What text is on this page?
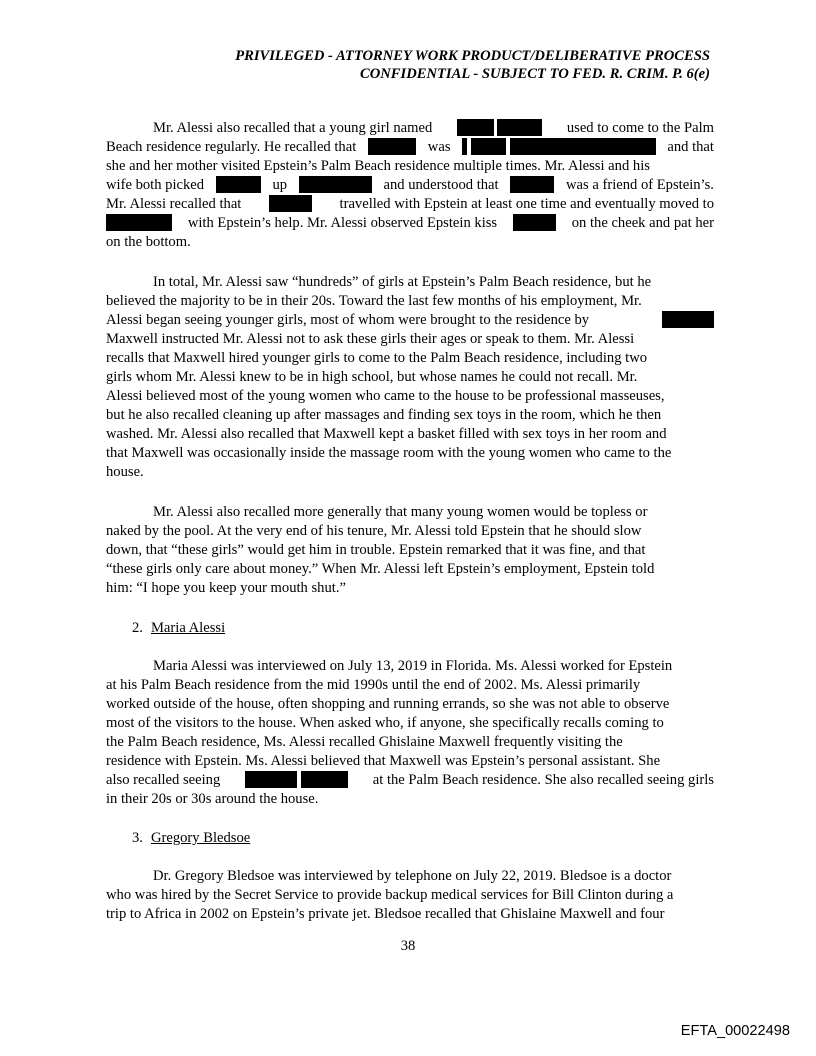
PRIVILEGED - ATTORNEY WORK PRODUCT/DELIBERATIVE PROCESS
CONFIDENTIAL - SUBJECT TO FED. R. CRIM. P. 6(e)
Mr. Alessi also recalled that a young girl named
	used to come to the Palm
Beach residence regularly. He recalled that	was
	and that
she and her mother visited Epstein’s Palm Beach residence multiple times. Mr. Alessi and his
wife both picked	up	and understood that	was a friend of Epstein’s.
Mr. Alessi recalled that	travelled with Epstein at least one time and eventually moved to
with Epstein’s help. Mr. Alessi observed Epstein kiss	on the cheek and pat her
on the bottom.
In total, Mr. Alessi saw “hundreds” of girls at Epstein’s Palm Beach residence, but he
believed the majority to be in their 20s. Toward the last few months of his employment, Mr.
Alessi began seeing younger girls, most of whom were brought to the residence by
Maxwell instructed Mr. Alessi not to ask these girls their ages or speak to them. Mr. Alessi
recalls that Maxwell hired younger girls to come to the Palm Beach residence, including two
girls whom Mr. Alessi knew to be in high school, but whose names he could not recall. Mr.
Alessi believed most of the young women who came to the house to be professional masseuses,
but he also recalled cleaning up after massages and finding sex toys in the room, which he then
washed. Mr. Alessi also recalled that Maxwell kept a basket filled with sex toys in her room and
that Maxwell was occasionally inside the massage room with the young women who came to the
house.
Mr. Alessi also recalled more generally that many young women would be topless or
naked by the pool. At the very end of his tenure, Mr. Alessi told Epstein that he should slow
down, that “these girls” would get him in trouble. Epstein remarked that it was fine, and that
“these girls only care about money.” When Mr. Alessi left Epstein’s employment, Epstein told
him: “I hope you keep your mouth shut.”
2. Maria Alessi
Maria Alessi was interviewed on July 13, 2019 in Florida. Ms. Alessi worked for Epstein
at his Palm Beach residence from the mid 1990s until the end of 2002. Ms. Alessi primarily
worked outside of the house, often shopping and running errands, so she was not able to observe
most of the visitors to the house. When asked who, if anyone, she specifically recalls coming to
the Palm Beach residence, Ms. Alessi recalled Ghislaine Maxwell frequently visiting the
residence with Epstein. Ms. Alessi believed that Maxwell was Epstein’s personal assistant. She
also recalled seeing
	at the Palm Beach residence. She also recalled seeing girls
in their 20s or 30s around the house.
3. Gregory Bledsoe
Dr. Gregory Bledsoe was interviewed by telephone on July 22, 2019. Bledsoe is a doctor
who was hired by the Secret Service to provide backup medical services for Bill Clinton during a
trip to Africa in 2002 on Epstein’s private jet. Bledsoe recalled that Ghislaine Maxwell and four
38
EFTA_00022498
